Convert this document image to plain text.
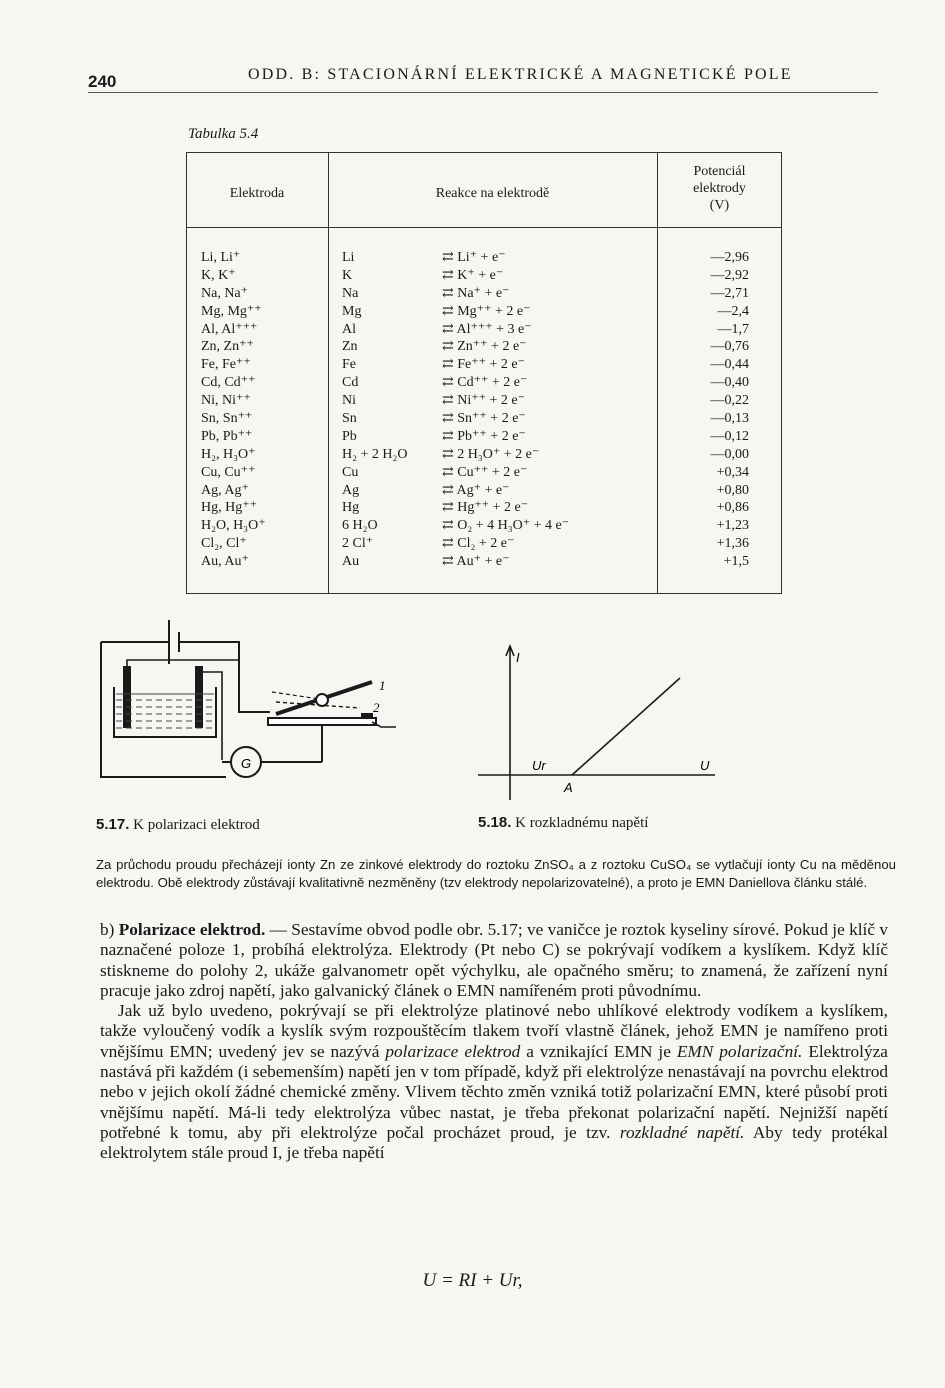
240	ODD. B: STACIONÁRNÍ ELEKTRICKÉ A MAGNETICKÉ POLE
Tabulka 5.4
Elektroda	Reakce na elektrodě
Potenciál
elektrody
(V)
Li, Li⁺	Li	⇄ Li⁺ + e⁻	—2,96
K, K⁺	K	⇄ K⁺ + e⁻	—2,92
Na, Na⁺	Na	⇄ Na⁺ + e⁻	—2,71
Mg, Mg⁺⁺	Mg	⇄ Mg⁺⁺ + 2 e⁻	—2,4
Al, Al⁺⁺⁺	Al	⇄ Al⁺⁺⁺ + 3 e⁻	—1,7
Zn, Zn⁺⁺	Zn	⇄ Zn⁺⁺ + 2 e⁻	—0,76
Fe, Fe⁺⁺	Fe	⇄ Fe⁺⁺ + 2 e⁻	—0,44
Cd, Cd⁺⁺	Cd	⇄ Cd⁺⁺ + 2 e⁻	—0,40
Ni, Ni⁺⁺	Ni	⇄ Ni⁺⁺ + 2 e⁻	—0,22
Sn, Sn⁺⁺	Sn	⇄ Sn⁺⁺ + 2 e⁻	—0,13
Pb, Pb⁺⁺	Pb	⇄ Pb⁺⁺ + 2 e⁻	—0,12
H₂, H₃O⁺	H₂ + 2 H₂O ⇄ 2 H₃O⁺ + 2 e⁻	—0,00
Cu, Cu⁺⁺	Cu	⇄ Cu⁺⁺ + 2 e⁻	+0,34
Ag, Ag⁺	Ag	⇄ Ag⁺ + e⁻	+0,80
Hg, Hg⁺⁺	Hg	⇄ Hg⁺⁺ + 2 e⁻	+0,86
H₂O, H₃O⁺	6 H₂O	⇄ O₂ + 4 H₃O⁺ + 4 e⁻	+1,23
Cl₂, Cl⁺	2 Cl⁺	⇄ Cl₂ + 2 e⁻	+1,36
Au, Au⁺	Au	⇄ Au⁺ + e⁻	+1,5
G
1
2
5.17. K polarizaci elektrod
I
U
Ur
A
5.18. K rozkladnému napětí
Za průchodu proudu přecházejí ionty Zn ze zinkové elektrody do roztoku ZnSO₄ a z roztoku CuSO₄ se vytlačují ionty Cu na měděnou elektrodu. Obě elektrody zůstávají kvalitativně nezměněny (tzv elektrody nepolarizovatelné), a proto je EMN Daniellova článku stálé.

b) Polarizace elektrod. — Sestavíme obvod podle obr. 5.17; ve vaničce je roztok kyseliny sírové. Pokud je klíč v naznačené poloze 1, probíhá elektrolýza. Elektrody (Pt nebo C) se pokrývají vodíkem a kyslíkem. Když klíč stiskneme do polohy 2, ukáže galvanometr opět výchylku, ale opačného směru; to znamená, že zařízení nyní pracuje jako zdroj napětí, jako galvanický článek o EMN namířeném proti původnímu.

Jak už bylo uvedeno, pokrývají se při elektrolýze platinové nebo uhlíkové elektrody vodíkem a kyslíkem, takže vyloučený vodík a kyslík svým rozpouštěcím tlakem tvoří vlastně článek, jehož EMN je namířeno proti vnějšímu EMN; uvedený jev se nazývá polarizace elektrod a vznikající EMN je EMN polarizační. Elektrolýza nastává při každém (i sebemenším) napětí jen v tom případě, když při elektrolýze nenastávají na povrchu elektrod nebo v jejich okolí žádné chemické změny. Vlivem těchto změn vzniká totiž polarizační EMN, které působí proti vnějšímu napětí. Má-li tedy elektrolýza vůbec nastat, je třeba překonat polarizační napětí. Nejnižší napětí potřebné k tomu, aby při elektrolýze počal procházet proud, je tzv. rozkladné napětí. Aby tedy protékal elektrolytem stále proud I, je třeba napětí

U = RI + Ur,
